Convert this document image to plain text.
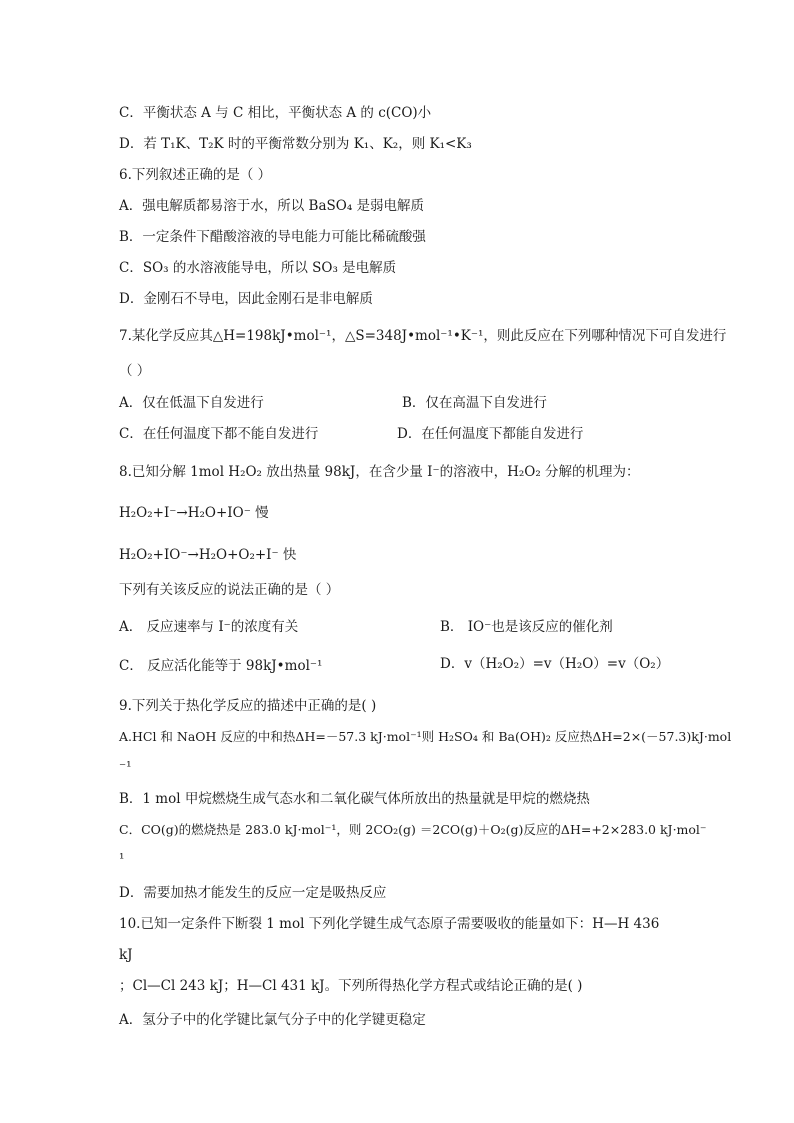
C．平衡状态 A 与 C 相比，平衡状态 A 的 c(CO)小
D．若 T₁K、T₂K 时的平衡常数分别为 K₁、K₂，则 K₁<K₃
6.下列叙述正确的是（ ）
A．强电解质都易溶于水，所以 BaSO₄ 是弱电解质
B．一定条件下醋酸溶液的导电能力可能比稀硫酸强
C．SO₃ 的水溶液能导电，所以 SO₃ 是电解质
D．金刚石不导电，因此金刚石是非电解质
7.某化学反应其△H=198kJ•mol⁻¹，△S=348J•mol⁻¹•K⁻¹，则此反应在下列哪种情况下可自发进行
（ ）
A．仅在低温下自发进行	B．仅在高温下自发进行
C．在任何温度下都不能自发进行	D．在任何温度下都能自发进行
8.已知分解 1mol H₂O₂ 放出热量 98kJ，在含少量 I⁻的溶液中，H₂O₂ 分解的机理为：
H₂O₂+I⁻→H₂O+IO⁻ 慢
H₂O₂+IO⁻→H₂O+O₂+I⁻ 快
下列有关该反应的说法正确的是（ ）
A． 反应速率与 I⁻的浓度有关	B． IO⁻也是该反应的催化剂
C． 反应活化能等于 98kJ•mol⁻¹	D．v（H₂O₂）=v（H₂O）=v（O₂）
9.下列关于热化学反应的描述中正确的是( )
A.HCl 和 NaOH 反应的中和热ΔH=－57.3 kJ·mol⁻¹则 H₂SO₄ 和 Ba(OH)₂ 反应热ΔH=2×(－57.3)kJ·mol
⁻¹
B．1 mol 甲烷燃烧生成气态水和二氧化碳气体所放出的热量就是甲烷的燃烧热
C．CO(g)的燃烧热是 283.0 kJ·mol⁻¹，则 2CO₂(g) ＝2CO(g)＋O₂(g)反应的ΔH=+2×283.0 kJ·mol⁻
¹
D．需要加热才能发生的反应一定是吸热反应
10.已知一定条件下断裂 1 mol 下列化学键生成气态原子需要吸收的能量如下：H—H 436
kJ
；Cl—Cl 243 kJ；H—Cl 431 kJ。下列所得热化学方程式或结论正确的是( )
A．氢分子中的化学键比氯气分子中的化学键更稳定
